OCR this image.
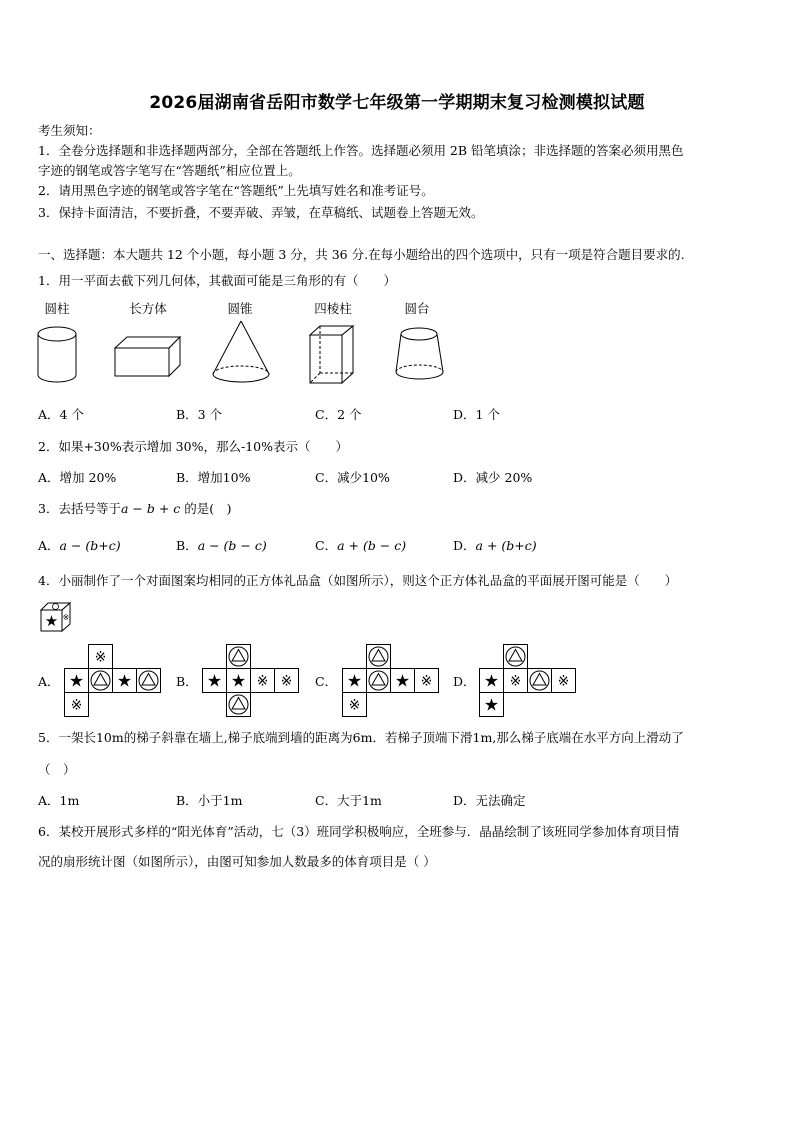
2026届湖南省岳阳市数学七年级第一学期期末复习检测模拟试题
考生须知：
1．全卷分选择题和非选择题两部分，全部在答题纸上作答。选择题必须用 2B 铅笔填涂；非选择题的答案必须用黑色
字迹的钢笔或答字笔写在“答题纸”相应位置上。
2．请用黑色字迹的钢笔或答字笔在“答题纸”上先填写姓名和准考证号。
3．保持卡面清洁，不要折叠，不要弄破、弄皱，在草稿纸、试题卷上答题无效。
一、选择题：本大题共 12 个小题，每小题 3 分，共 36 分.在每小题给出的四个选项中，只有一项是符合题目要求的.
1．用一平面去截下列几何体，其截面可能是三角形的有（　　）
圆柱	长方体	圆锥	四棱柱	圆台
A．4 个	B．3 个	C．2 个	D．1 个
2．如果+30%表示增加 30%，那么-10%表示（　　）
A．增加 20%	B．增加10%	C．减少10%	D．减少 20%
3．去括号等于a − b + c 的是(　)
A．a − (b+c)	B．a − (b − c)	C．a + (b − c)	D．a + (b+c)
4．小丽制作了一个对面图案均相同的正方体礼品盒（如图所示），则这个正方体礼品盒的平面展开图可能是（　　）
★ ※
A．	B．	C．	D．
※
★ ★
※
★ ★ ※ ※	★ ★ ※
※
★ ※	※
★
5．一架长10m的梯子斜靠在墙上,梯子底端到墙的距离为6m．若梯子顶端下滑1m,那么梯子底端在水平方向上滑动了
（　）
A．1m	B．小于1m	C．大于1m	D．无法确定
6．某校开展形式多样的“阳光体育”活动，七（3）班同学积极响应，全班参与．晶晶绘制了该班同学参加体育项目情
况的扇形统计图（如图所示），由图可知参加人数最多的体育项目是（ ）
